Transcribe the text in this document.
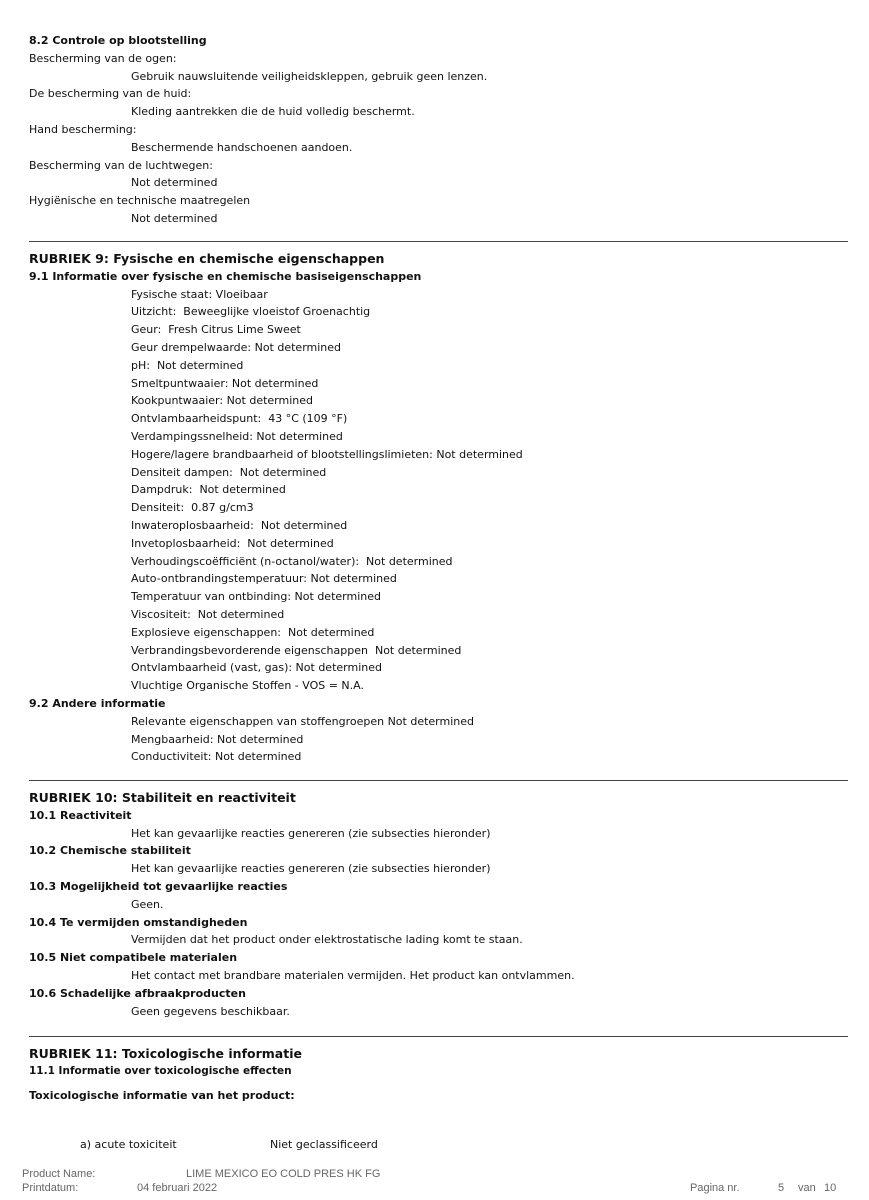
8.2 Controle op blootstelling
Bescherming van de ogen:
Gebruik nauwsluitende veiligheidskleppen, gebruik geen lenzen.
De bescherming van de huid:
Kleding aantrekken die de huid volledig beschermt.
Hand bescherming:
Beschermende handschoenen aandoen.
Bescherming van de luchtwegen:
Not determined
Hygiënische en technische maatregelen
Not determined
RUBRIEK 9: Fysische en chemische eigenschappen
9.1 Informatie over fysische en chemische basiseigenschappen
Fysische staat: Vloeibaar
Uitzicht:  Beweeglijke vloeistof Groenachtig
Geur:  Fresh Citrus Lime Sweet
Geur drempelwaarde: Not determined
pH:  Not determined
Smeltpuntwaaier: Not determined
Kookpuntwaaier: Not determined
Ontvlambaarheidspunt:  43 °C (109 °F)
Verdampingssnelheid: Not determined
Hogere/lagere brandbaarheid of blootstellingslimieten: Not determined
Densiteit dampen:  Not determined
Dampdruk:  Not determined
Densiteit:  0.87 g/cm3
Inwateroplosbaarheid:  Not determined
Invetoplosbaarheid:  Not determined
Verhoudingscoëfficiënt (n-octanol/water):  Not determined
Auto-ontbrandingstemperatuur: Not determined
Temperatuur van ontbinding: Not determined
Viscositeit:  Not determined
Explosieve eigenschappen:  Not determined
Verbrandingsbevorderende eigenschappen  Not determined
Ontvlambaarheid (vast, gas): Not determined
Vluchtige Organische Stoffen - VOS = N.A.
9.2 Andere informatie
Relevante eigenschappen van stoffengroepen Not determined
Mengbaarheid: Not determined
Conductiviteit: Not determined
RUBRIEK 10: Stabiliteit en reactiviteit
10.1 Reactiviteit
Het kan gevaarlijke reacties genereren (zie subsecties hieronder)
10.2 Chemische stabiliteit
Het kan gevaarlijke reacties genereren (zie subsecties hieronder)
10.3 Mogelijkheid tot gevaarlijke reacties
Geen.
10.4 Te vermijden omstandigheden
Vermijden dat het product onder elektrostatische lading komt te staan.
10.5 Niet compatibele materialen
Het contact met brandbare materialen vermijden. Het product kan ontvlammen.
10.6 Schadelijke afbraakproducten
Geen gegevens beschikbaar.
RUBRIEK 11: Toxicologische informatie
11.1 Informatie over toxicologische effecten
Toxicologische informatie van het product:
a) acute toxiciteit	Niet geclassificeerd
Product Name:	LIME MEXICO EO COLD PRES HK FG
Printdatum:	04 februari 2022	Pagina nr.	5 van 10
